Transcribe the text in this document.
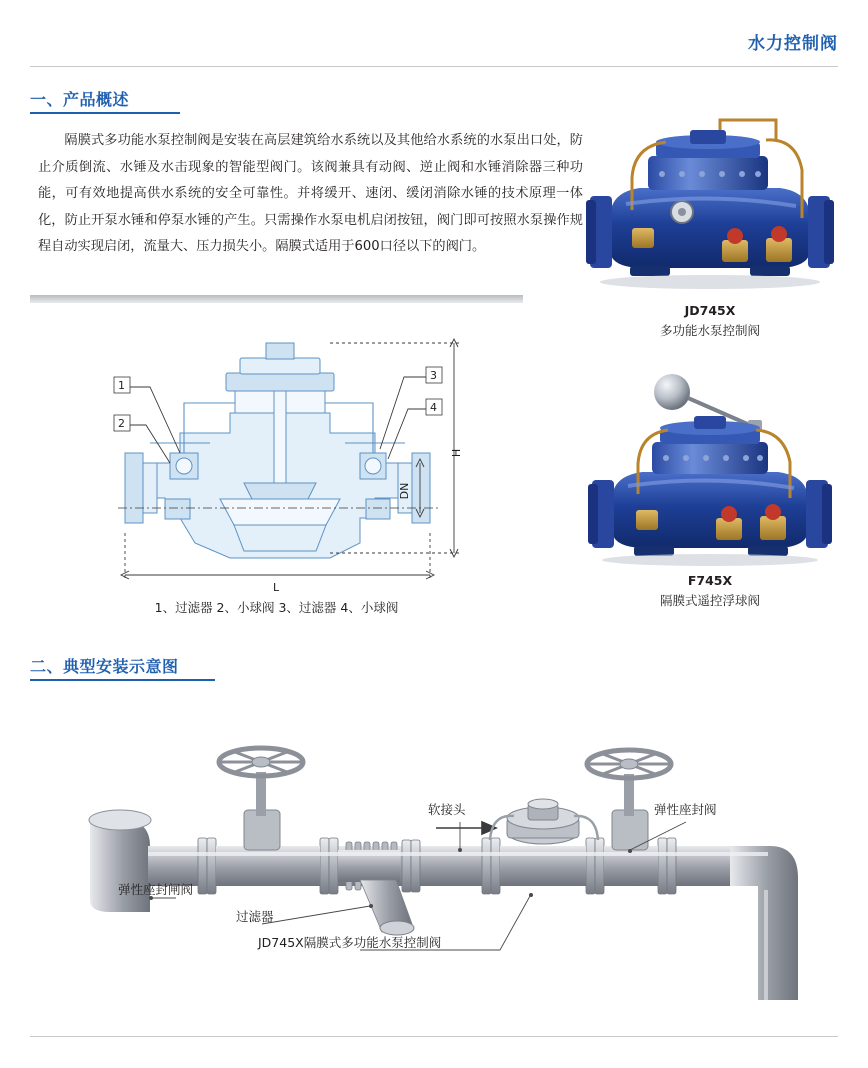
水力控制阀
一、产品概述
隔膜式多功能水泵控制阀是安装在高层建筑给水系统以及其他给水系统的水泵出口处，防止介质倒流、水锤及水击现象的智能型阀门。该阀兼具有动阀、逆止阀和水锤消除器三种功能，可有效地提高供水系统的安全可靠性。并将缓开、速闭、缓闭消除水锤的技术原理一体化，防止开泵水锤和停泵水锤的产生。只需操作水泵电机启闭按钮，阀门即可按照水泵操作规程自动实现启闭，流量大、压力损失小。隔膜式适用于600口径以下的阀门。
1
2
3
4
H
DN
L
1、过滤器 2、小球阀 3、过滤器 4、小球阀
JD745X
多功能水泵控制阀
F745X
隔膜式遥控浮球阀
二、典型安装示意图
软接头	弹性座封阀
弹性座封闸阀
过滤器
JD745X隔膜式多功能水泵控制阀
